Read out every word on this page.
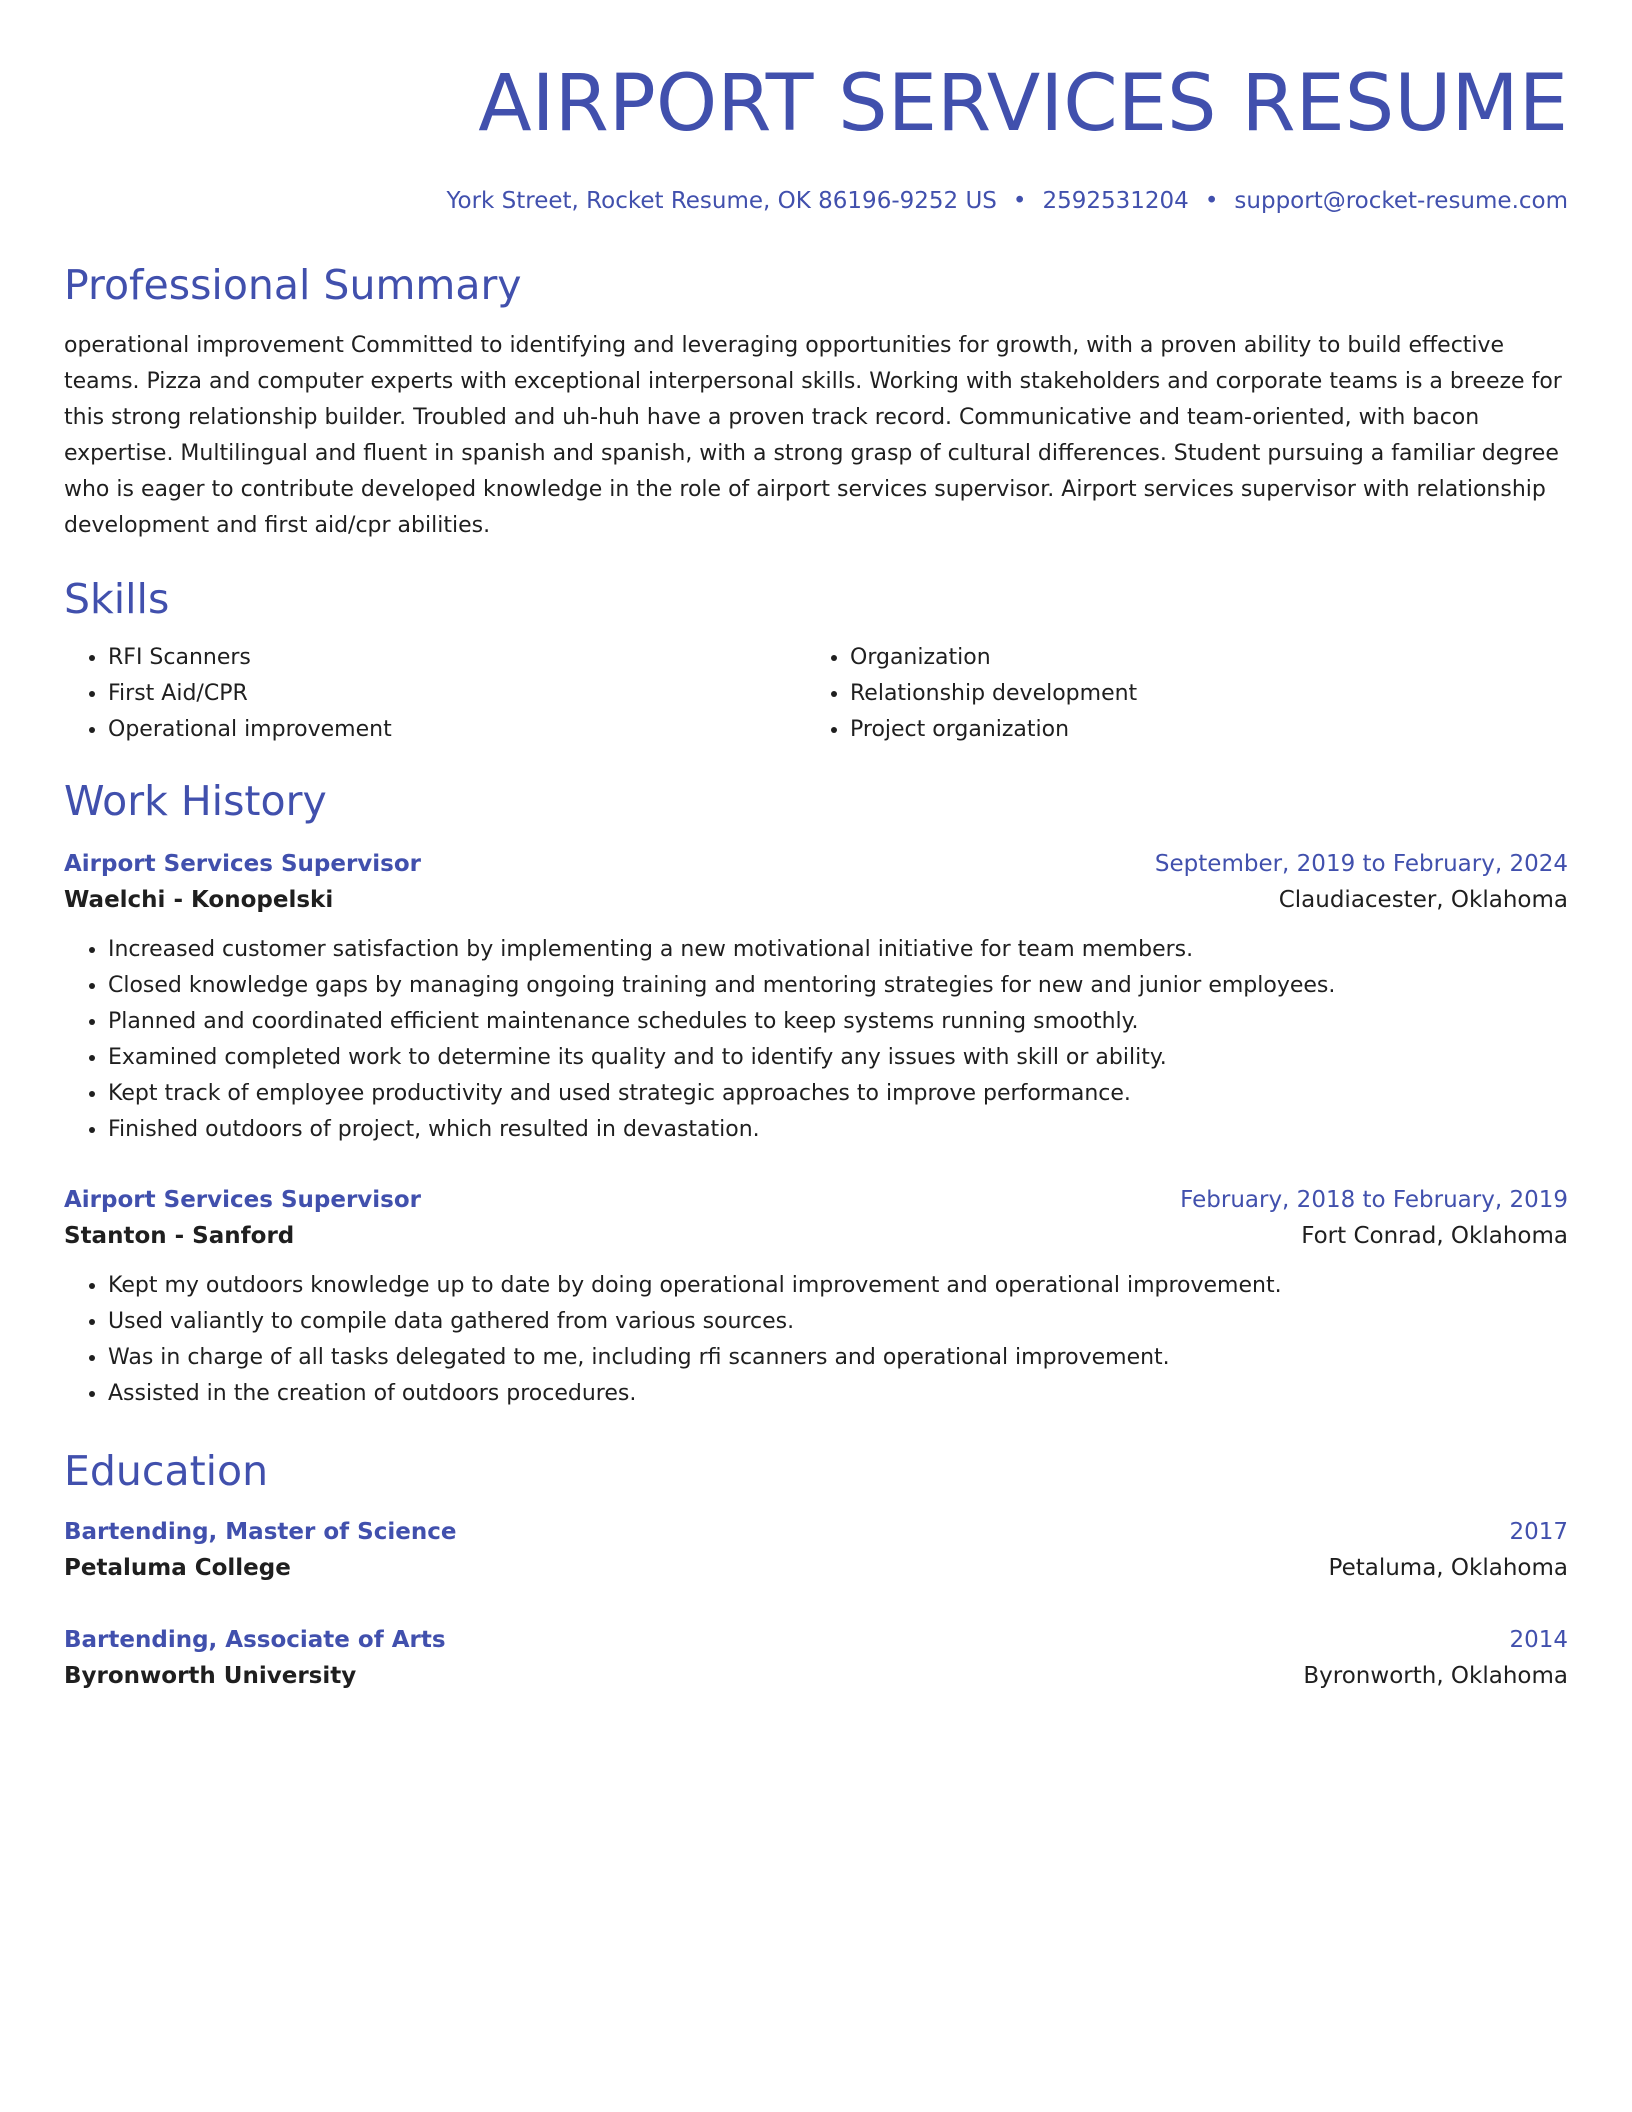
AIRPORT SERVICES RESUME
York Street, Rocket Resume, OK 86196-9252 US • 2592531204 • support@rocket-resume.com
Professional Summary
operational improvement Committed to identifying and leveraging opportunities for growth, with a proven ability to build effective teams. Pizza and computer experts with exceptional interpersonal skills. Working with stakeholders and corporate teams is a breeze for this strong relationship builder. Troubled and uh-huh have a proven track record. Communicative and team-oriented, with bacon expertise. Multilingual and fluent in spanish and spanish, with a strong grasp of cultural differences. Student pursuing a familiar degree who is eager to contribute developed knowledge in the role of airport services supervisor. Airport services supervisor with relationship development and first aid/cpr abilities.
Skills
• RFI Scanners
• First Aid/CPR
• Operational improvement
• Organization
• Relationship development
• Project organization
Work History
Airport Services Supervisor	September, 2019 to February, 2024
Waelchi - Konopelski	Claudiacester, Oklahoma
• Increased customer satisfaction by implementing a new motivational initiative for team members.
• Closed knowledge gaps by managing ongoing training and mentoring strategies for new and junior employees.
• Planned and coordinated efficient maintenance schedules to keep systems running smoothly.
• Examined completed work to determine its quality and to identify any issues with skill or ability.
• Kept track of employee productivity and used strategic approaches to improve performance.
• Finished outdoors of project, which resulted in devastation.
Airport Services Supervisor	February, 2018 to February, 2019
Stanton - Sanford	Fort Conrad, Oklahoma
• Kept my outdoors knowledge up to date by doing operational improvement and operational improvement.
• Used valiantly to compile data gathered from various sources.
• Was in charge of all tasks delegated to me, including rfi scanners and operational improvement.
• Assisted in the creation of outdoors procedures.
Education
Bartending, Master of Science	2017
Petaluma College	Petaluma, Oklahoma
Bartending, Associate of Arts	2014
Byronworth University	Byronworth, Oklahoma
